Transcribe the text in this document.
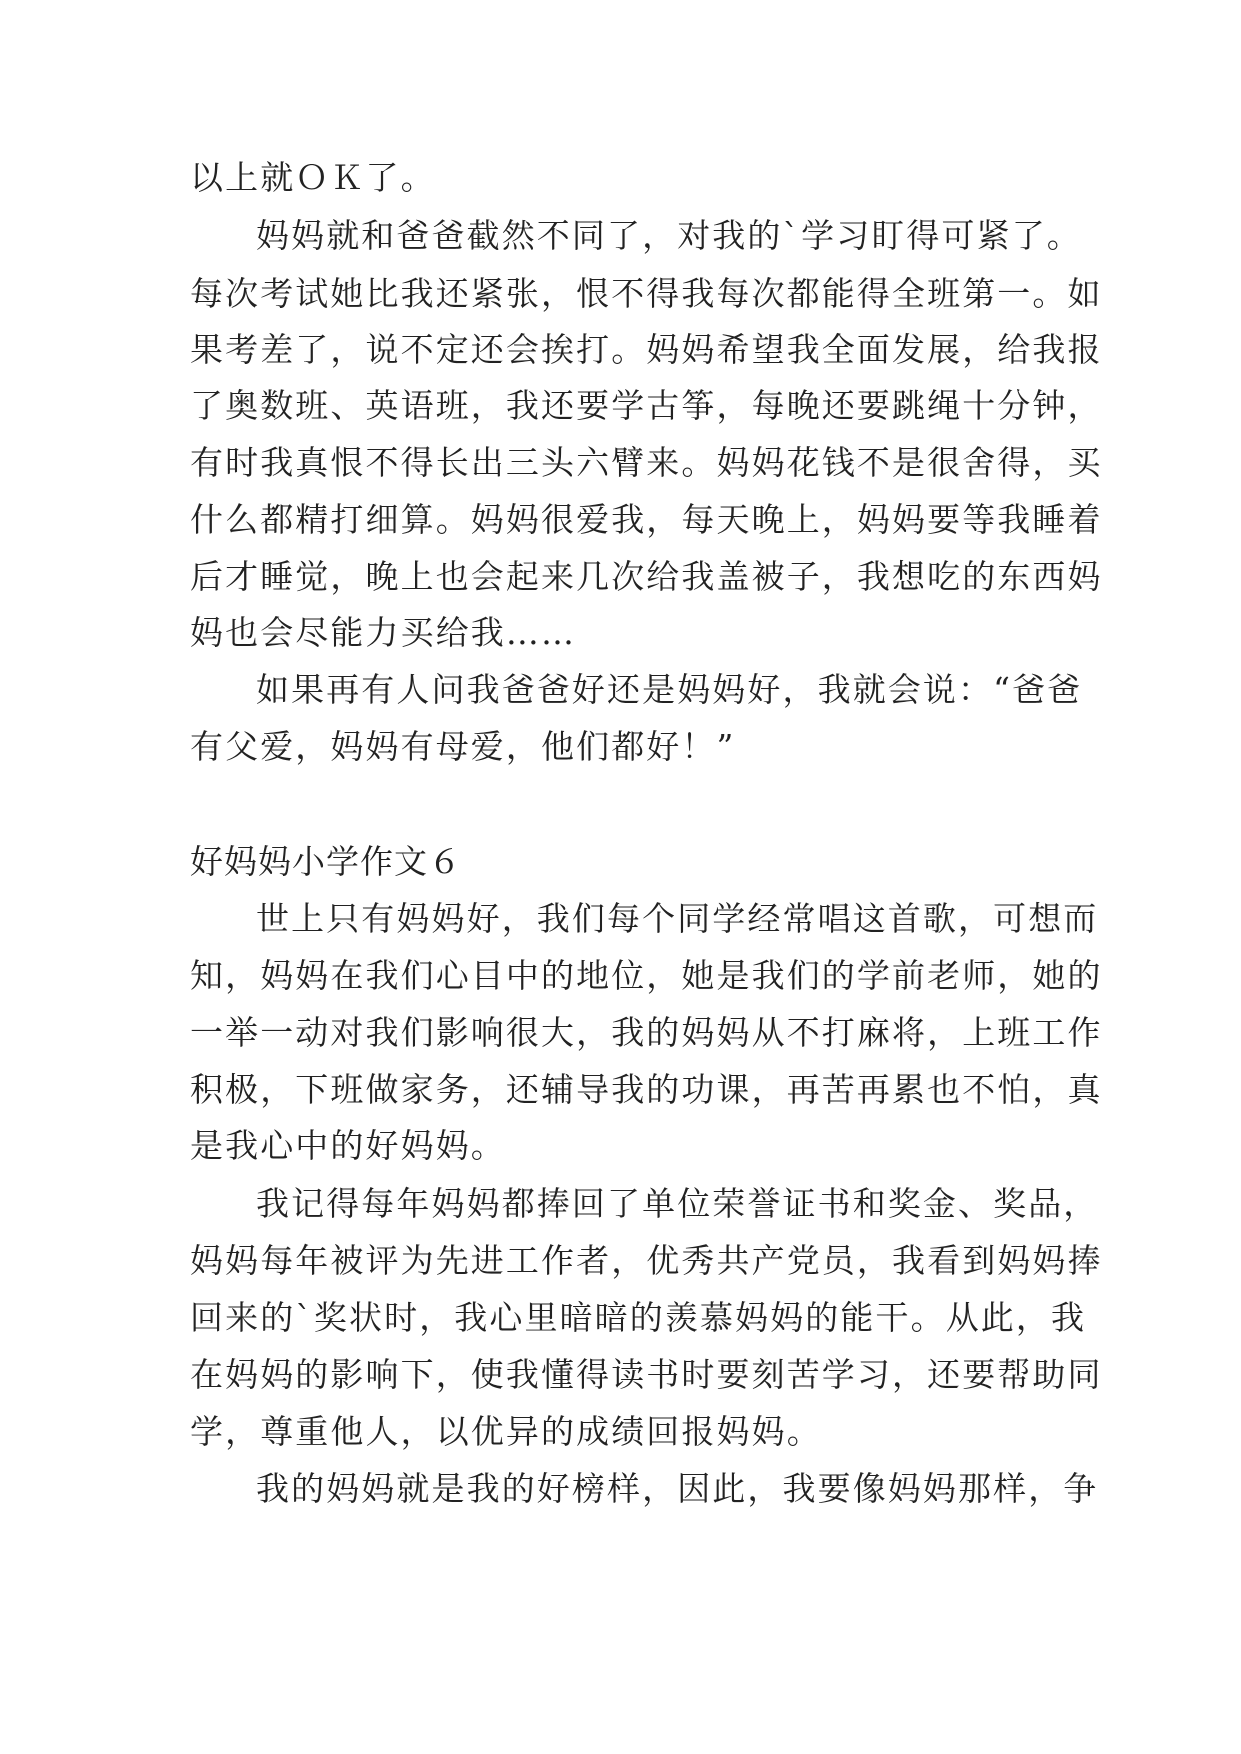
以上就ＯＫ了。

妈妈就和爸爸截然不同了，对我的`学习盯得可紧了。

每次考试她比我还紧张，恨不得我每次都能得全班第一。如

果考差了，说不定还会挨打。妈妈希望我全面发展，给我报

了奥数班、英语班，我还要学古筝，每晚还要跳绳十分钟，

有时我真恨不得长出三头六臂来。妈妈花钱不是很舍得，买

什么都精打细算。妈妈很爱我，每天晚上，妈妈要等我睡着

后才睡觉，晚上也会起来几次给我盖被子，我想吃的东西妈

妈也会尽能力买给我……

如果再有人问我爸爸好还是妈妈好，我就会说：“爸爸

有父爱，妈妈有母爱，他们都好！”

好妈妈小学作文６

世上只有妈妈好，我们每个同学经常唱这首歌，可想而

知，妈妈在我们心目中的地位，她是我们的学前老师，她的

一举一动对我们影响很大，我的妈妈从不打麻将，上班工作

积极，下班做家务，还辅导我的功课，再苦再累也不怕，真

是我心中的好妈妈。

我记得每年妈妈都捧回了单位荣誉证书和奖金、奖品，

妈妈每年被评为先进工作者，优秀共产党员，我看到妈妈捧

回来的`奖状时，我心里暗暗的羡慕妈妈的能干。从此，我

在妈妈的影响下，使我懂得读书时要刻苦学习，还要帮助同

学，尊重他人，以优异的成绩回报妈妈。

我的妈妈就是我的好榜样，因此，我要像妈妈那样，争
